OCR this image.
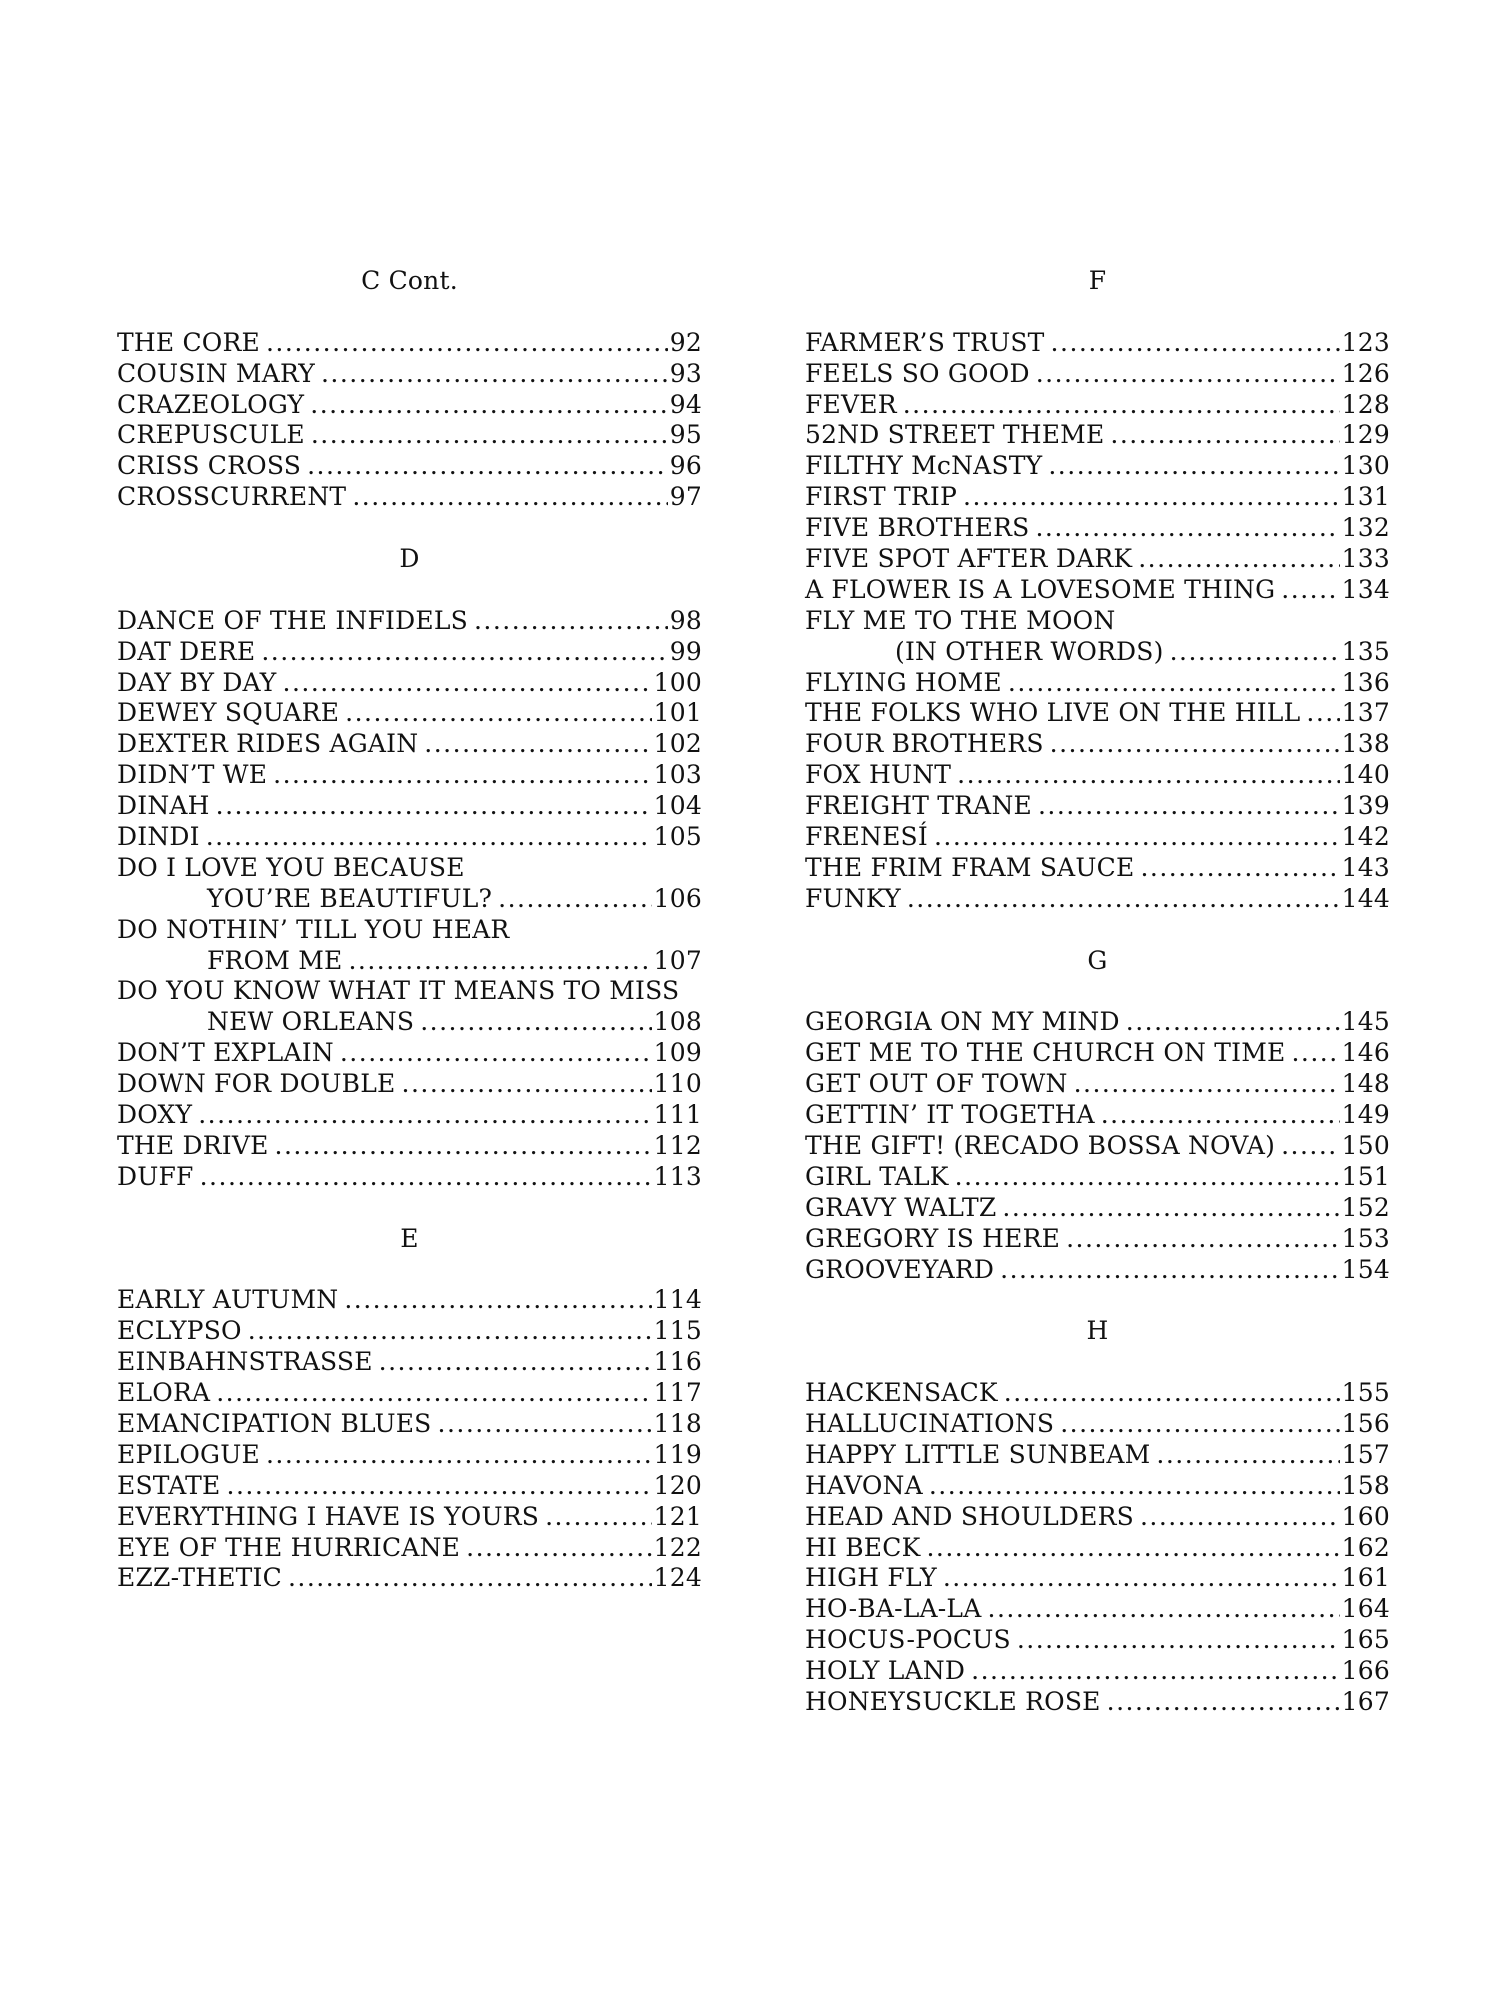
C Cont.
THE CORE .....	92
COUSIN MARY .....	93
CRAZEOLOGY .....	94
CREPUSCULE .....	95
CRISS CROSS .....	96
CROSSCURRENT .....	97
D
DANCE OF THE INFIDELS .....	98
DAT DERE .....	99
DAY BY DAY .....	100
DEWEY SQUARE .....	101
DEXTER RIDES AGAIN .....	102
DIDN’T WE .....	103
DINAH .....	104
DINDI .....	105
DO I LOVE YOU BECAUSE
YOU’RE BEAUTIFUL? .....	106
DO NOTHIN’ TILL YOU HEAR
FROM ME .....	107
DO YOU KNOW WHAT IT MEANS TO MISS
NEW ORLEANS .....	108
DON’T EXPLAIN .....	109
DOWN FOR DOUBLE .....	110
DOXY .....	111
THE DRIVE .....	112
DUFF .....	113
E
EARLY AUTUMN .....	114
ECLYPSO .....	115
EINBAHNSTRASSE .....	116
ELORA .....	117
EMANCIPATION BLUES .....	118
EPILOGUE .....	119
ESTATE .....	120
EVERYTHING I HAVE IS YOURS .....	121
EYE OF THE HURRICANE .....	122
EZZ-THETIC .....	124
F
FARMER’S TRUST .....	123
FEELS SO GOOD .....	126
FEVER .....	128
52ND STREET THEME .....	129
FILTHY McNASTY .....	130
FIRST TRIP .....	131
FIVE BROTHERS .....	132
FIVE SPOT AFTER DARK .....	133
A FLOWER IS A LOVESOME THING .....	134
FLY ME TO THE MOON
(IN OTHER WORDS) .....	135
FLYING HOME .....	136
THE FOLKS WHO LIVE ON THE HILL ..... 137
FOUR BROTHERS .....	138
FOX HUNT .....	140
FREIGHT TRANE .....	139
FRENESÍ .....	142
THE FRIM FRAM SAUCE .....	143
FUNKY .....	144
G
GEORGIA ON MY MIND .....	145
GET ME TO THE CHURCH ON TIME ..... 146
GET OUT OF TOWN .....	148
GETTIN’ IT TOGETHA .....	149
THE GIFT! (RECADO BOSSA NOVA) .....	150
GIRL TALK .....	151
GRAVY WALTZ .....	152
GREGORY IS HERE .....	153
GROOVEYARD .....	154
H
HACKENSACK .....	155
HALLUCINATIONS .....	156
HAPPY LITTLE SUNBEAM .....	157
HAVONA .....	158
HEAD AND SHOULDERS .....	160
HI BECK .....	162
HIGH FLY .....	161
HO-BA-LA-LA .....	164
HOCUS-POCUS .....	165
HOLY LAND .....	166
HONEYSUCKLE ROSE .....	167
